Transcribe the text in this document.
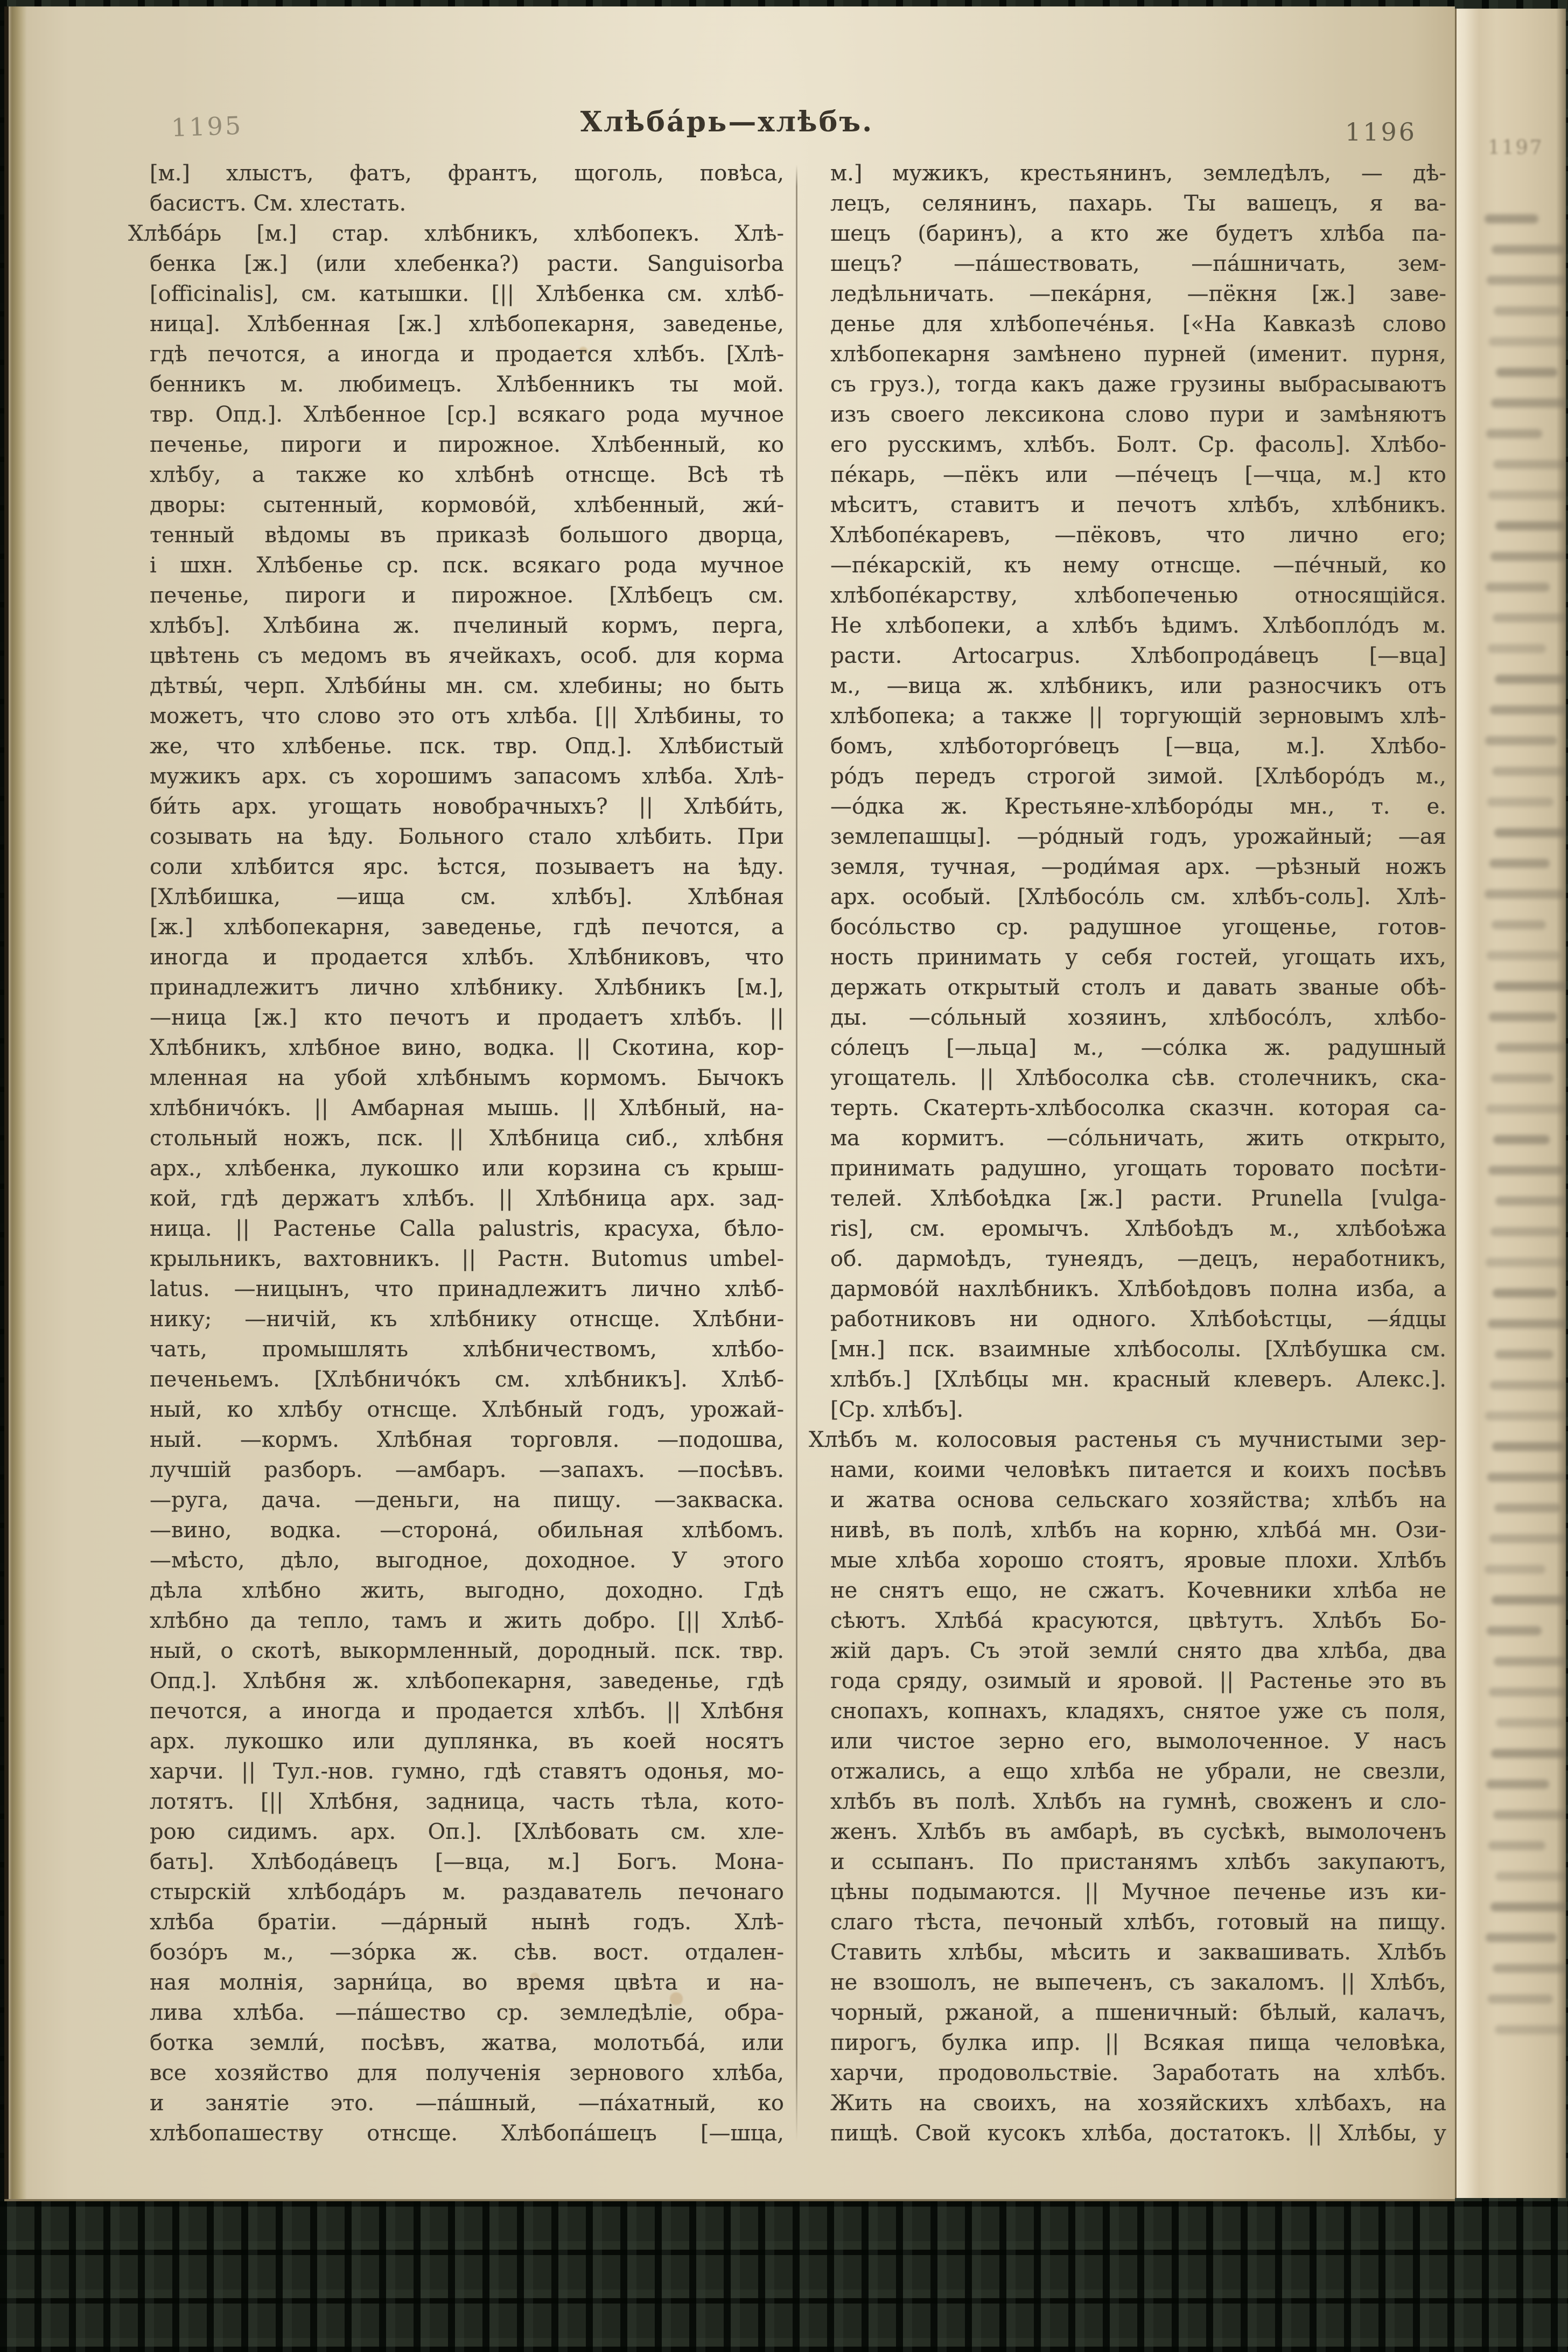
1195	Хлѣба́рь—хлѣбъ.	1196
[м.] хлыстъ, фатъ, франтъ, щоголь, повѣса,
басистъ. См. хлестать.
Хлѣба́рь [м.] стар. хлѣбникъ, хлѣбопекъ. Хлѣ-
бенка [ж.] (или хлебенка?) расти. Sanguisorba
[officinalis], см. катышки. [|| Хлѣбенка см. хлѣб-
ница]. Хлѣбенная [ж.] хлѣбопекарня, заведенье,
гдѣ печотся, а иногда и продается хлѣбъ. [Хлѣ-
бенникъ м. любимецъ. Хлѣбенникъ ты мой.
твр. Опд.]. Хлѣбенное [ср.] всякаго рода мучное
печенье, пироги и пирожное. Хлѣбенный, ко
хлѣбу, а также ко хлѣбнѣ отнсще. Всѣ тѣ
дворы: сытенный, кормово́й, хлѣбенный, жи́-
тенный вѣдомы въ приказѣ большого дворца,
і шхн. Хлѣбенье ср. пск. всякаго рода мучное
печенье, пироги и пирожное. [Хлѣбецъ см.
хлѣбъ]. Хлѣбина ж. пчелиный кормъ, перга,
цвѣтень съ медомъ въ ячейкахъ, особ. для корма
дѣтвы́, черп. Хлѣби́ны мн. см. хлебины; но быть
можетъ, что слово это отъ хлѣба. [|| Хлѣбины, то
же, что хлѣбенье. пск. твр. Опд.]. Хлѣбистый
мужикъ арх. съ хорошимъ запасомъ хлѣба. Хлѣ-
би́ть арх. угощать новобрачныхъ? || Хлѣби́ть,
созывать на ѣду. Больного стало хлѣбить. При
соли хлѣбится ярс. ѣстся, позываетъ на ѣду.
[Хлѣбишка, —ища см. хлѣбъ]. Хлѣбная
[ж.] хлѣбопекарня, заведенье, гдѣ печотся, а
иногда и продается хлѣбъ. Хлѣбниковъ, что
принадлежитъ лично хлѣбнику. Хлѣбникъ [м.],
—ница [ж.] кто печотъ и продаетъ хлѣбъ. ||
Хлѣбникъ, хлѣбное вино, водка. || Скотина, кор-
мленная на убой хлѣбнымъ кормомъ. Бычокъ
хлѣбничо́къ. || Амбарная мышь. || Хлѣбный, на-
стольный ножъ, пск. || Хлѣбница сиб., хлѣбня
арх., хлѣбенка, лукошко или корзина съ крыш-
кой, гдѣ держатъ хлѣбъ. || Хлѣбница арх. зад-
ница. || Растенье Calla palustris, красуха, бѣло-
крыльникъ, вахтовникъ. || Растн. Butomus umbel-
latus. —ницынъ, что принадлежитъ лично хлѣб-
нику; —ничій, къ хлѣбнику отнсще. Хлѣбни-
чать, промышлять хлѣбничествомъ, хлѣбо-
печеньемъ. [Хлѣбничо́къ см. хлѣбникъ]. Хлѣб-
ный, ко хлѣбу отнсще. Хлѣбный годъ, урожай-
ный. —кормъ. Хлѣбная торговля. —подошва,
лучшій разборъ. —амбаръ. —запахъ. —посѣвъ.
—руга, дача. —деньги, на пищу. —закваска.
—вино, водка. —сторона́, обильная хлѣбомъ.
—мѣсто, дѣло, выгодное, доходное. У этого
дѣла хлѣбно жить, выгодно, доходно. Гдѣ
хлѣбно да тепло, тамъ и жить добро. [|| Хлѣб-
ный, о скотѣ, выкормленный, дородный. пск. твр.
Опд.]. Хлѣбня ж. хлѣбопекарня, заведенье, гдѣ
печотся, а иногда и продается хлѣбъ. || Хлѣбня
арх. лукошко или дуплянка, въ коей носятъ
харчи. || Тул.-нов. гумно, гдѣ ставятъ одонья, мо-
лотятъ. [|| Хлѣбня, задница, часть тѣла, кото-
рою сидимъ. арх. Оп.]. [Хлѣбовать см. хле-
бать]. Хлѣбода́вецъ [—вца, м.] Богъ. Мона-
стырскій хлѣбода́ръ м. раздаватель печонаго
хлѣба братіи. —да́рный нынѣ годъ. Хлѣ-
бозо́ръ м., —зо́рка ж. сѣв. вост. отдален-
ная молнія, зарни́ца, во время цвѣта и на-
лива хлѣба. —па́шество ср. земледѣліе, обра-
ботка земли́, посѣвъ, жатва, молотьба́, или
все хозяйство для полученія зернового хлѣба,
и занятіе это. —па́шный, —па́хатный, ко
хлѣбопашеству отнсще. Хлѣбопа́шецъ [—шца,
м.] мужикъ, крестьянинъ, земледѣлъ, — дѣ-
лецъ, селянинъ, пахарь. Ты вашецъ, я ва-
шецъ (баринъ), а кто же будетъ хлѣба па-
шецъ? —па́шествовать, —па́шничать, зем-
ледѣльничать. —пека́рня, —пёкня [ж.] заве-
денье для хлѣбопече́нья. [«На Кавказѣ слово
хлѣбопекарня замѣнено пурней (именит. пурня,
съ груз.), тогда какъ даже грузины выбрасываютъ
изъ своего лексикона слово пури и замѣняютъ
его русскимъ, хлѣбъ. Болт. Ср. фасоль]. Хлѣбо-
пе́карь, —пёкъ или —пе́чецъ [—чца, м.] кто
мѣситъ, ставитъ и печотъ хлѣбъ, хлѣбникъ.
Хлѣбопе́каревъ, —пёковъ, что лично его;
—пе́карскій, къ нему отнсще. —пе́чный, ко
хлѣбопе́карству, хлѣбопеченью относящійся.
Не хлѣбопеки, а хлѣбъ ѣдимъ. Хлѣбопло́дъ м.
расти. Artocarpus. Хлѣбопрода́вецъ [—вца]
м., —вица ж. хлѣбникъ, или разносчикъ отъ
хлѣбопека; а также || торгующій зерновымъ хлѣ-
бомъ, хлѣботорго́вецъ [—вца, м.]. Хлѣбо-
ро́дъ передъ строгой зимой. [Хлѣборо́дъ м.,
—о́дка ж. Крестьяне-хлѣборо́ды мн., т. е.
землепашцы]. —ро́дный годъ, урожайный; —ая
земля, тучная, —роди́мая арх. —рѣзный ножъ
арх. особый. [Хлѣбосо́ль см. хлѣбъ-соль]. Хлѣ-
босо́льство ср. радушное угощенье, готов-
ность принимать у себя гостей, угощать ихъ,
держать открытый столъ и давать званые обѣ-
ды. —со́льный хозяинъ, хлѣбосо́лъ, хлѣбо-
со́лецъ [—льца] м., —со́лка ж. радушный
угощатель. || Хлѣбосолка сѣв. столечникъ, ска-
терть. Скатерть-хлѣбосолка сказчн. которая са-
ма кормитъ. —со́льничать, жить открыто,
принимать радушно, угощать торовато посѣти-
телей. Хлѣбоѣдка [ж.] расти. Prunella [vulga-
ris], см. еромычъ. Хлѣбоѣдъ м., хлѣбоѣжа
об. дармоѣдъ, тунеядъ, —децъ, неработникъ,
дармово́й нахлѣбникъ. Хлѣбоѣдовъ полна изба, а
работниковъ ни одного. Хлѣбоѣстцы, —я́дцы
[мн.] пск. взаимные хлѣбосолы. [Хлѣбушка см.
хлѣбъ.] [Хлѣбцы мн. красный клеверъ. Алекс.].
[Ср. хлѣбъ].
Хлѣбъ м. колосовыя растенья съ мучнистыми зер-
нами, коими человѣкъ питается и коихъ посѣвъ
и жатва основа сельскаго хозяйства; хлѣбъ на
нивѣ, въ полѣ, хлѣбъ на корню, хлѣба́ мн. Ози-
мые хлѣба хорошо стоятъ, яровые плохи. Хлѣбъ
не снятъ ещо, не сжатъ. Кочевники хлѣба не
сѣютъ. Хлѣба́ красуются, цвѣтутъ. Хлѣбъ Бо-
жій даръ. Съ этой земли́ снято два хлѣба, два
года сряду, озимый и яровой. || Растенье это въ
снопахъ, копнахъ, кладяхъ, снятое уже съ поля,
или чистое зерно его, вымолоченное. У насъ
отжались, а ещо хлѣба не убрали, не свезли,
хлѣбъ въ полѣ. Хлѣбъ на гумнѣ, своженъ и сло-
женъ. Хлѣбъ въ амбарѣ, въ сусѣкѣ, вымолоченъ
и ссыпанъ. По пристанямъ хлѣбъ закупаютъ,
цѣны подымаются. || Мучное печенье изъ ки-
слаго тѣста, печоный хлѣбъ, готовый на пищу.
Ставить хлѣбы, мѣсить и заквашивать. Хлѣбъ
не взошолъ, не выпеченъ, съ закаломъ. || Хлѣбъ,
чорный, ржаной, а пшеничный: бѣлый, калачъ,
пирогъ, булка ипр. || Всякая пища человѣка,
харчи, продовольствіе. Заработать на хлѣбъ.
Жить на своихъ, на хозяйскихъ хлѣбахъ, на
пищѣ. Свой кусокъ хлѣба, достатокъ. || Хлѣбы, у
1197
